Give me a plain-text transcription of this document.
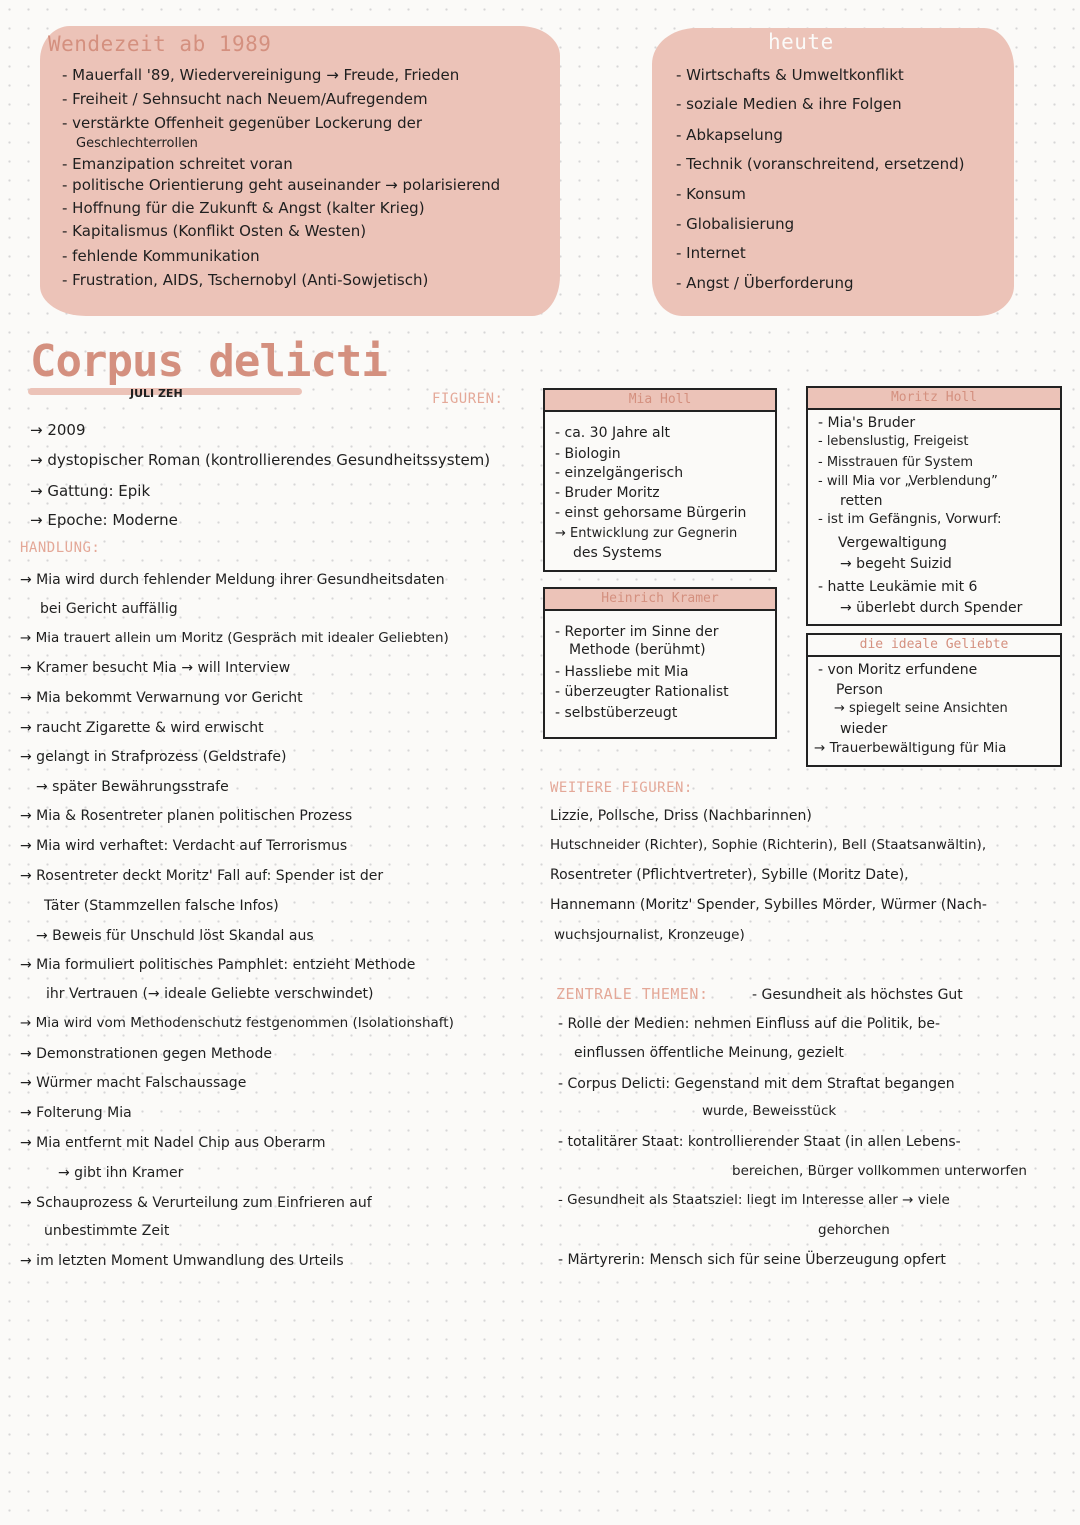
Wendezeit ab 1989
- Mauerfall '89, Wiedervereinigung → Freude, Frieden
- Freiheit / Sehnsucht nach Neuem/Aufregendem
- verstärkte Offenheit gegenüber Lockerung der
Geschlechterrollen
- Emanzipation schreitet voran
- politische Orientierung geht auseinander → polarisierend
- Hoffnung für die Zukunft & Angst (kalter Krieg)
- Kapitalismus (Konflikt Osten & Westen)
- fehlende Kommunikation
- Frustration, AIDS, Tschernobyl (Anti-Sowjetisch)
heute
- Wirtschafts & Umweltkonflikt
- soziale Medien & ihre Folgen
- Abkapselung
- Technik (voranschreitend, ersetzend)
- Konsum
- Globalisierung
- Internet
- Angst / Überforderung
Corpus delicti
JULI ZEH	FIGUREN:
→ 2009
→ dystopischer Roman (kontrollierendes Gesundheitssystem)
→ Gattung: Epik
→ Epoche: Moderne
HANDLUNG:
→ Mia wird durch fehlender Meldung ihrer Gesundheitsdaten
bei Gericht auffällig
→ Mia trauert allein um Moritz (Gespräch mit idealer Geliebten)
→ Kramer besucht Mia → will Interview
→ Mia bekommt Verwarnung vor Gericht
→ raucht Zigarette & wird erwischt
→ gelangt in Strafprozess (Geldstrafe)
→ später Bewährungsstrafe
→ Mia & Rosentreter planen politischen Prozess
→ Mia wird verhaftet: Verdacht auf Terrorismus
→ Rosentreter deckt Moritz' Fall auf: Spender ist der
Täter (Stammzellen falsche Infos)
→ Beweis für Unschuld löst Skandal aus
→ Mia formuliert politisches Pamphlet: entzieht Methode
ihr Vertrauen (→ ideale Geliebte verschwindet)
→ Mia wird vom Methodenschutz festgenommen (Isolationshaft)
→ Demonstrationen gegen Methode
→ Würmer macht Falschaussage
→ Folterung Mia
→ Mia entfernt mit Nadel Chip aus Oberarm
→ gibt ihn Kramer
→ Schauprozess & Verurteilung zum Einfrieren auf
unbestimmte Zeit
→ im letzten Moment Umwandlung des Urteils
Mia Holl
- ca. 30 Jahre alt
- Biologin
- einzelgängerisch
- Bruder Moritz
- einst gehorsame Bürgerin
→ Entwicklung zur Gegnerin
des Systems
Moritz Holl
- Mia's Bruder
- lebenslustig, Freigeist
- Misstrauen für System
- will Mia vor „Verblendung”
retten
- ist im Gefängnis, Vorwurf:
Vergewaltigung
→ begeht Suizid
- hatte Leukämie mit 6
→ überlebt durch Spender
Heinrich Kramer
- Reporter im Sinne der
Methode (berühmt)
- Hassliebe mit Mia
- überzeugter Rationalist
- selbstüberzeugt
die ideale Geliebte
- von Moritz erfundene
Person
→ spiegelt seine Ansichten
wieder
→ Trauerbewältigung für Mia
WEITERE FIGUREN:
Lizzie, Pollsche, Driss (Nachbarinnen)
Hutschneider (Richter), Sophie (Richterin), Bell (Staatsanwältin),
Rosentreter (Pflichtvertreter), Sybille (Moritz Date),
Hannemann (Moritz' Spender, Sybilles Mörder, Würmer (Nach-
wuchsjournalist, Kronzeuge)
ZENTRALE THEMEN:	- Gesundheit als höchstes Gut
- Rolle der Medien: nehmen Einfluss auf die Politik, be-
einflussen öffentliche Meinung, gezielt
- Corpus Delicti: Gegenstand mit dem Straftat begangen
wurde, Beweisstück
- totalitärer Staat: kontrollierender Staat (in allen Lebens-
bereichen, Bürger vollkommen unterworfen
- Gesundheit als Staatsziel: liegt im Interesse aller → viele
gehorchen
- Märtyrerin: Mensch sich für seine Überzeugung opfert
